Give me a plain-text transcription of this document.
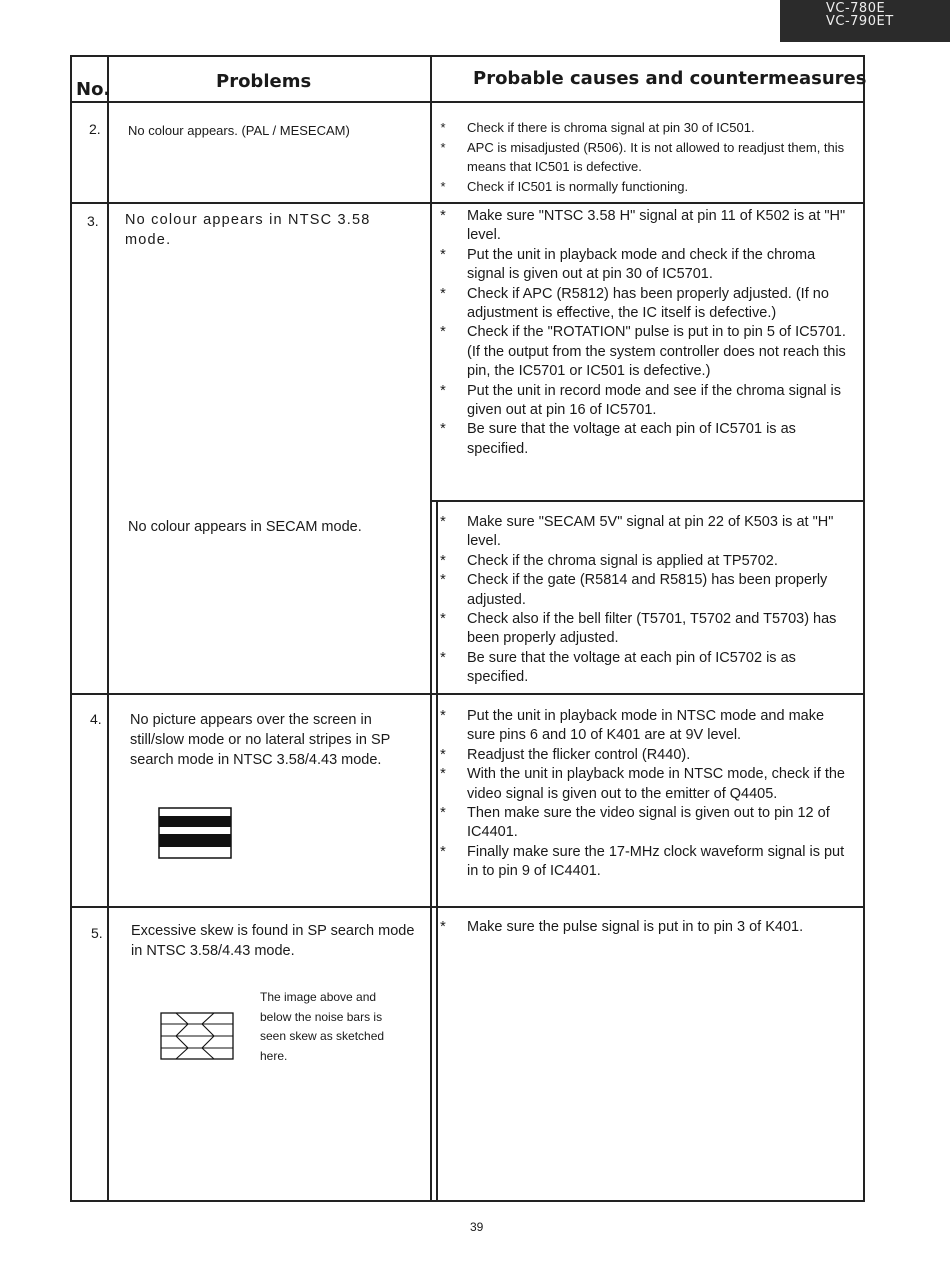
VC-780E
VC-790ET
No.	Problems	Probable causes and countermeasures
2. No colour appears. (PAL / MESECAM)	* Check if there is chroma signal at pin 30 of IC501.
* APC is misadjusted (R506). It is not allowed to readjust them, this means that IC501 is defective.
* Check if IC501 is normally functioning.
3. No colour appears in NTSC 3.58 mode.
* Make sure "NTSC 3.58 H" signal at pin 11 of K502 is at "H" level.
* Put the unit in playback mode and check if the chroma signal is given out at pin 30 of IC5701.
* Check if APC (R5812) has been properly adjusted. (If no adjustment is effective, the IC itself is defective.)
* Check if the "ROTATION" pulse is put in to pin 5 of IC5701. (If the output from the system controller does not reach this pin, the IC5701 or IC501 is defective.)
* Put the unit in record mode and see if the chroma signal is given out at pin 16 of IC5701.
* Be sure that the voltage at each pin of IC5701 is as specified.
No colour appears in SECAM mode.	* Make sure "SECAM 5V" signal at pin 22 of K503 is at "H" level.
* Check if the chroma signal is applied at TP5702.
* Check if the gate (R5814 and R5815) has been properly adjusted.
* Check also if the bell filter (T5701, T5702 and T5703) has been properly adjusted.
* Be sure that the voltage at each pin of IC5702 is as specified.
4. No picture appears over the screen in still/slow mode or no lateral stripes in SP search mode in NTSC 3.58/4.43 mode.
* Put the unit in playback mode in NTSC mode and make sure pins 6 and 10 of K401 are at 9V level.
* Readjust the flicker control (R440).
* With the unit in playback mode in NTSC mode, check if the video signal is given out to the emitter of Q4405.
* Then make sure the video signal is given out to pin 12 of IC4401.
* Finally make sure the 17-MHz clock waveform signal is put in to pin 9 of IC4401.
5. Excessive skew is found in SP search mode in NTSC 3.58/4.43 mode.
The image above and below the noise bars is seen skew as sketched here.
* Make sure the pulse signal is put in to pin 3 of K401.
39
